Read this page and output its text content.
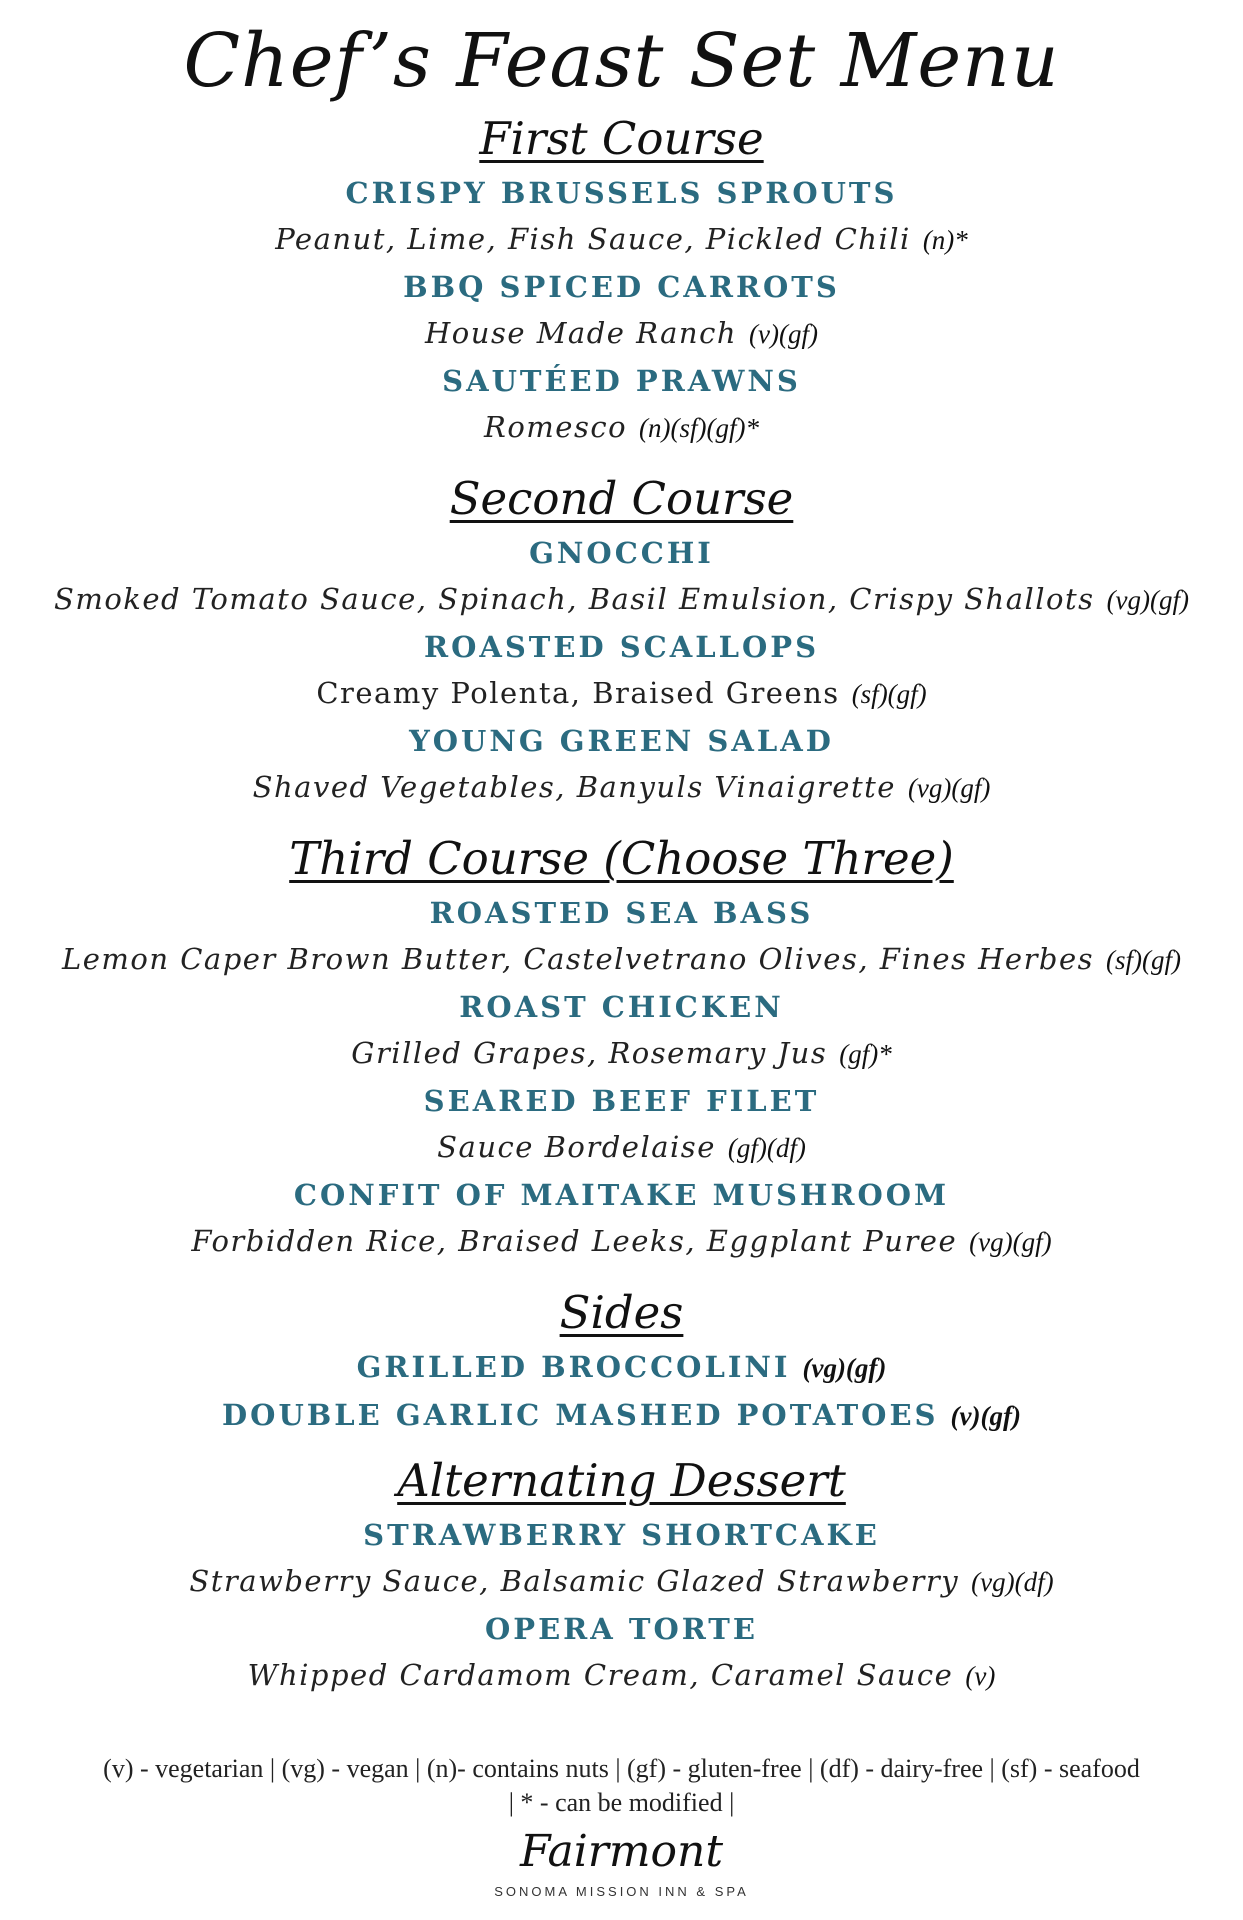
Chef’s Feast Set Menu
First Course
CRISPY BRUSSELS SPROUTS
Peanut, Lime, Fish Sauce, Pickled Chili (n)*
BBQ SPICED CARROTS
House Made Ranch (v)(gf)
SAUTÉED PRAWNS
Romesco (n)(sf)(gf)*
Second Course
GNOCCHI
Smoked Tomato Sauce, Spinach, Basil Emulsion, Crispy Shallots (vg)(gf)
ROASTED SCALLOPS
Creamy Polenta, Braised Greens (sf)(gf)
YOUNG GREEN SALAD
Shaved Vegetables, Banyuls Vinaigrette (vg)(gf)
Third Course (Choose Three)
ROASTED SEA BASS
Lemon Caper Brown Butter, Castelvetrano Olives, Fines Herbes (sf)(gf)
ROAST CHICKEN
Grilled Grapes, Rosemary Jus (gf)*
SEARED BEEF FILET
Sauce Bordelaise (gf)(df)
CONFIT OF MAITAKE MUSHROOM
Forbidden Rice, Braised Leeks, Eggplant Puree (vg)(gf)
Sides
GRILLED BROCCOLINI (vg)(gf)
DOUBLE GARLIC MASHED POTATOES (v)(gf)
Alternating Dessert
STRAWBERRY SHORTCAKE
Strawberry Sauce, Balsamic Glazed Strawberry (vg)(df)
OPERA TORTE
Whipped Cardamom Cream, Caramel Sauce (v)
(v) - vegetarian | (vg) - vegan | (n)- contains nuts | (gf) - gluten-free | (df) - dairy-free | (sf) - seafood
| * - can be modified |
Fairmont
SONOMA MISSION INN & SPA
